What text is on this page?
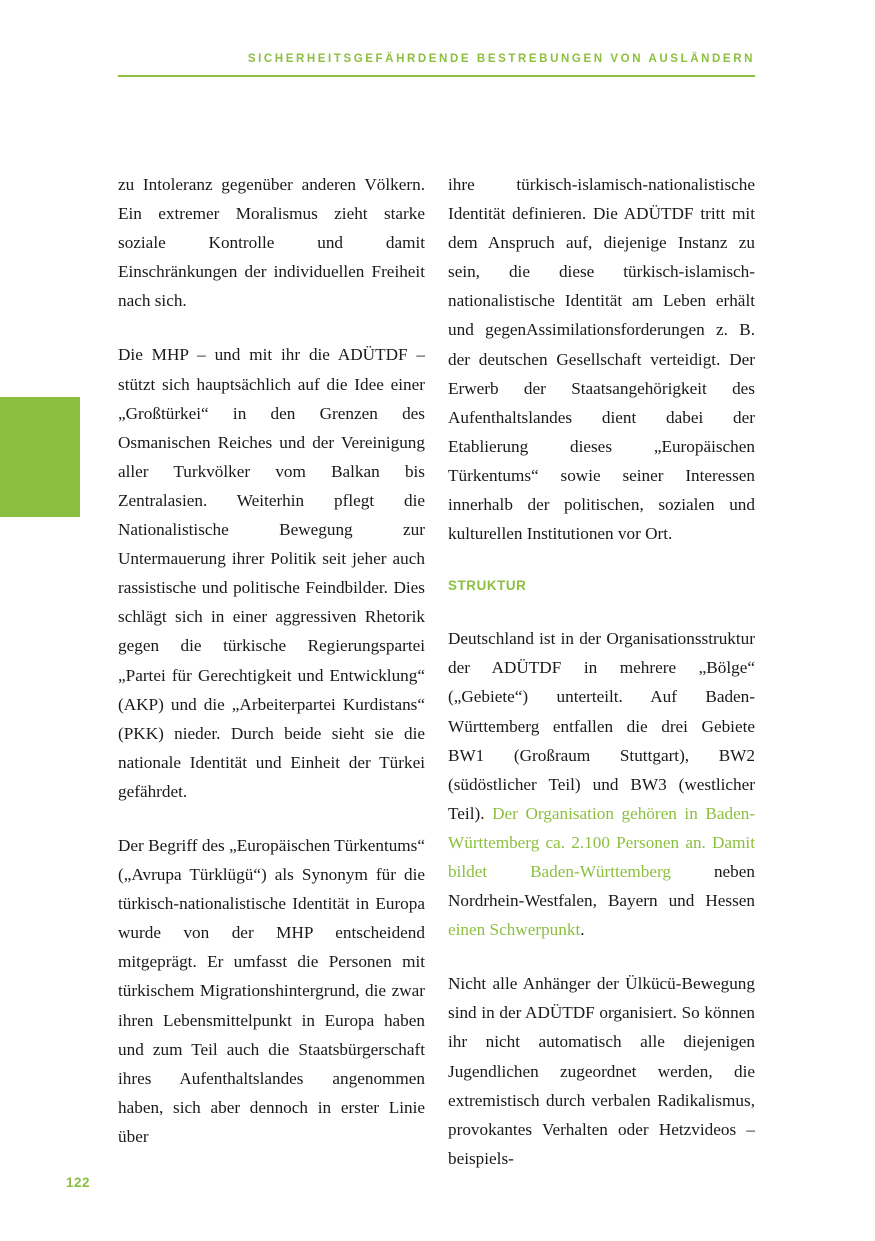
SICHERHEITSGEFÄHRDENDE BESTREBUNGEN VON AUSLÄNDERN

zu Intoleranz gegenüber anderen Völkern. Ein extremer Moralismus zieht starke soziale Kontrolle und damit Einschränkungen der individuellen Freiheit nach sich.

Die MHP – und mit ihr die ADÜTDF – stützt sich hauptsächlich auf die Idee einer „Großtürkei“ in den Grenzen des Osmanischen Reiches und der Vereinigung aller Turkvölker vom Balkan bis Zentralasien. Weiterhin pflegt die Nationalistische Bewegung zur Untermauerung ihrer Politik seit jeher auch rassistische und politische Feindbilder. Dies schlägt sich in einer aggressiven Rhetorik gegen die türkische Regierungspartei „Partei für Gerechtigkeit und Entwicklung“ (AKP) und die „Arbeiterpartei Kurdistans“ (PKK) nieder. Durch beide sieht sie die nationale Identität und Einheit der Türkei gefährdet.

Der Begriff des „Europäischen Türkentums“ („Avrupa Türklügü“) als Synonym für die türkisch-nationalistische Identität in Europa wurde von der MHP entscheidend mitgeprägt. Er umfasst die Personen mit türkischem Migrationshintergrund, die zwar ihren Lebensmittelpunkt in Europa haben und zum Teil auch die Staatsbürgerschaft ihres Aufenthaltslandes angenommen haben, sich aber dennoch in erster Linie über

ihre türkisch-islamisch-nationalistische Identität definieren. Die ADÜTDF tritt mit dem Anspruch auf, diejenige Instanz zu sein, die diese türkisch-islamisch-nationalistische Identität am Leben erhält und gegenAssimilationsforderungen z. B. der deutschen Gesellschaft verteidigt. Der Erwerb der Staatsangehörigkeit des Aufenthaltslandes dient dabei der Etablierung dieses „Europäischen Türkentums“ sowie seiner Interessen innerhalb der politischen, sozialen und kulturellen Institutionen vor Ort.

STRUKTUR

Deutschland ist in der Organisationsstruktur der ADÜTDF in mehrere „Bölge“ („Gebiete“) unterteilt. Auf Baden-Württemberg entfallen die drei Gebiete BW1 (Großraum Stuttgart), BW2 (südöstlicher Teil) und BW3 (westlicher Teil). Der Organisation gehören in Baden-Württemberg ca. 2.100 Personen an. Damit bildet Baden-Württemberg neben Nordrhein-Westfalen, Bayern und Hessen einen Schwerpunkt.

Nicht alle Anhänger der Ülkücü-Bewegung sind in der ADÜTDF organisiert. So können ihr nicht automatisch alle diejenigen Jugendlichen zugeordnet werden, die extremistisch durch verbalen Radikalismus, provokantes Verhalten oder Hetzvideos – beispiels-

122
